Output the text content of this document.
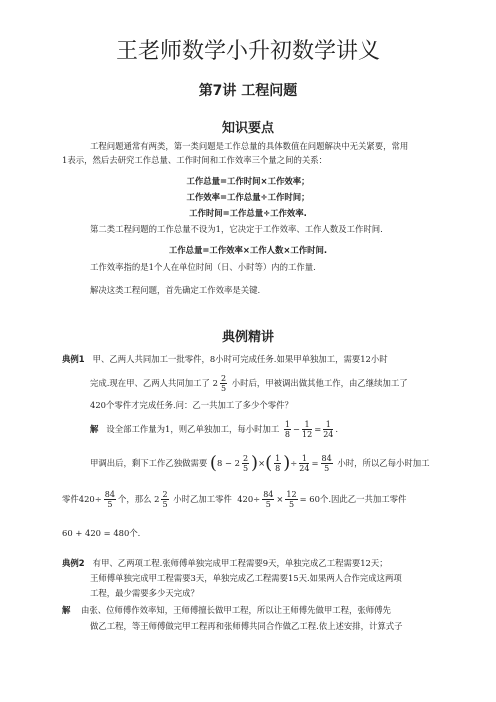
王老师数学小升初数学讲义
第7讲 工程问题
知识要点
工程问题通常有两类，第一类问题是工作总量的具体数值在问题解决中无关紧要，常用
1表示，然后去研究工作总量、工作时间和工作效率三个量之间的关系：
工作总量=工作时间×工作效率；
工作效率=工作总量÷工作时间；
工作时间=工作总量÷工作效率.
第二类工程问题的工作总量不设为1，它决定于工作效率、工作人数及工作时间.
工作总量=工作效率×工作人数×工作时间.
工作效率指的是1个人在单位时间（日、小时等）内的工作量.
解决这类工程问题，首先确定工作效率是关键.
典例精讲
典例1 甲、乙两人共同加工一批零件，8小时可完成任务.如果甲单独加工，需要12小时
完成.现在甲、乙两人共同加工了 $2 \frac{2}{5}$ 小时后，甲被调出做其他工作，由乙继续加工了
420个零件才完成任务.问：乙一共加工了多少个零件？
解 设全部工作量为1，则乙单独加工，每小时加工 $\frac{1}{8} - \frac{1}{12} = \frac{1}{24}$ .
甲调出后，剩下工作乙独做需要 ($8 - 2 \frac{2}{5}$ )×( $\frac{1}{8}$ )÷ $\frac{1}{24} = \frac{84}{5}$ 小时，所以乙每小时加工
零件$420\div \frac{84}{5}$ 个，那么 $2 \frac{2}{5}$ 小时乙加工零件 $420\div \frac{84}{5} \times \frac{12}{5} = 60$个.因此乙一共加工零件
60 + 420 = 480个.
典例2 有甲、乙两项工程.张师傅单独完成甲工程需要9天，单独完成乙工程需要12天；
王师傅单独完成甲工程需要3天，单独完成乙工程需要15天.如果两人合作完成这两项
工程，最少需要多少天完成？
解 由张、位师傅作效率知，王师傅擅长做甲工程，所以让王师傅先做甲工程，张师傅先
做乙工程，等王师傅做完甲工程再和张师傅共同合作做乙工程.依上述安排，计算式子
